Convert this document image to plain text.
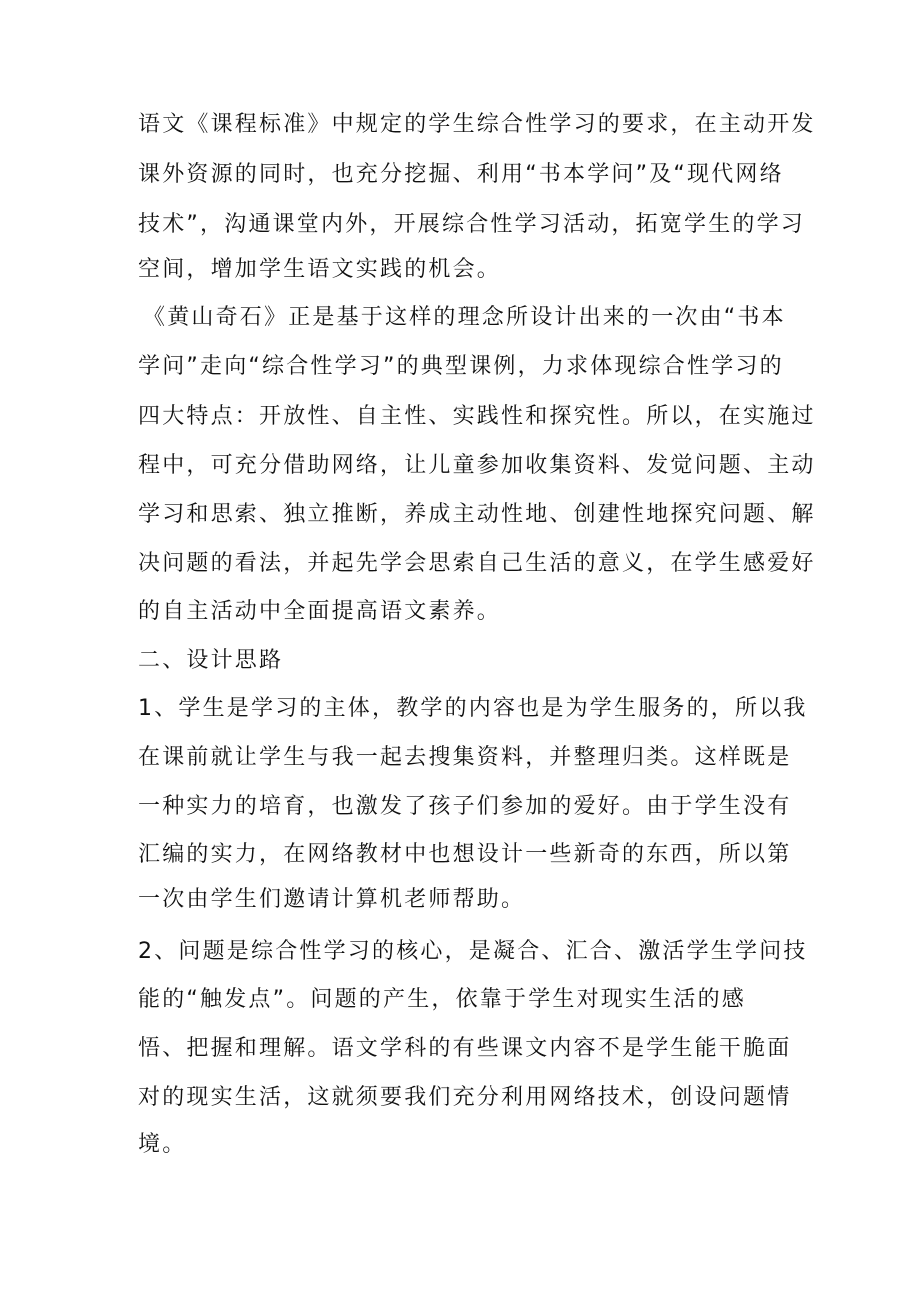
语文《课程标准》中规定的学生综合性学习的要求，在主动开发
课外资源的同时，也充分挖掘、利用“书本学问”及“现代网络
技术”，沟通课堂内外，开展综合性学习活动，拓宽学生的学习
空间，增加学生语文实践的机会。
《黄山奇石》正是基于这样的理念所设计出来的一次由“书本
学问”走向“综合性学习”的典型课例，力求体现综合性学习的
四大特点：开放性、自主性、实践性和探究性。所以，在实施过
程中，可充分借助网络，让儿童参加收集资料、发觉问题、主动
学习和思索、独立推断，养成主动性地、创建性地探究问题、解
决问题的看法，并起先学会思索自己生活的意义，在学生感爱好
的自主活动中全面提高语文素养。
二、设计思路
1、学生是学习的主体，教学的内容也是为学生服务的，所以我
在课前就让学生与我一起去搜集资料，并整理归类。这样既是
一种实力的培育，也激发了孩子们参加的爱好。由于学生没有
汇编的实力，在网络教材中也想设计一些新奇的东西，所以第
一次由学生们邀请计算机老师帮助。
2、问题是综合性学习的核心，是凝合、汇合、激活学生学问技
能的“触发点”。问题的产生，依靠于学生对现实生活的感
悟、把握和理解。语文学科的有些课文内容不是学生能干脆面
对的现实生活，这就须要我们充分利用网络技术，创设问题情
境。
